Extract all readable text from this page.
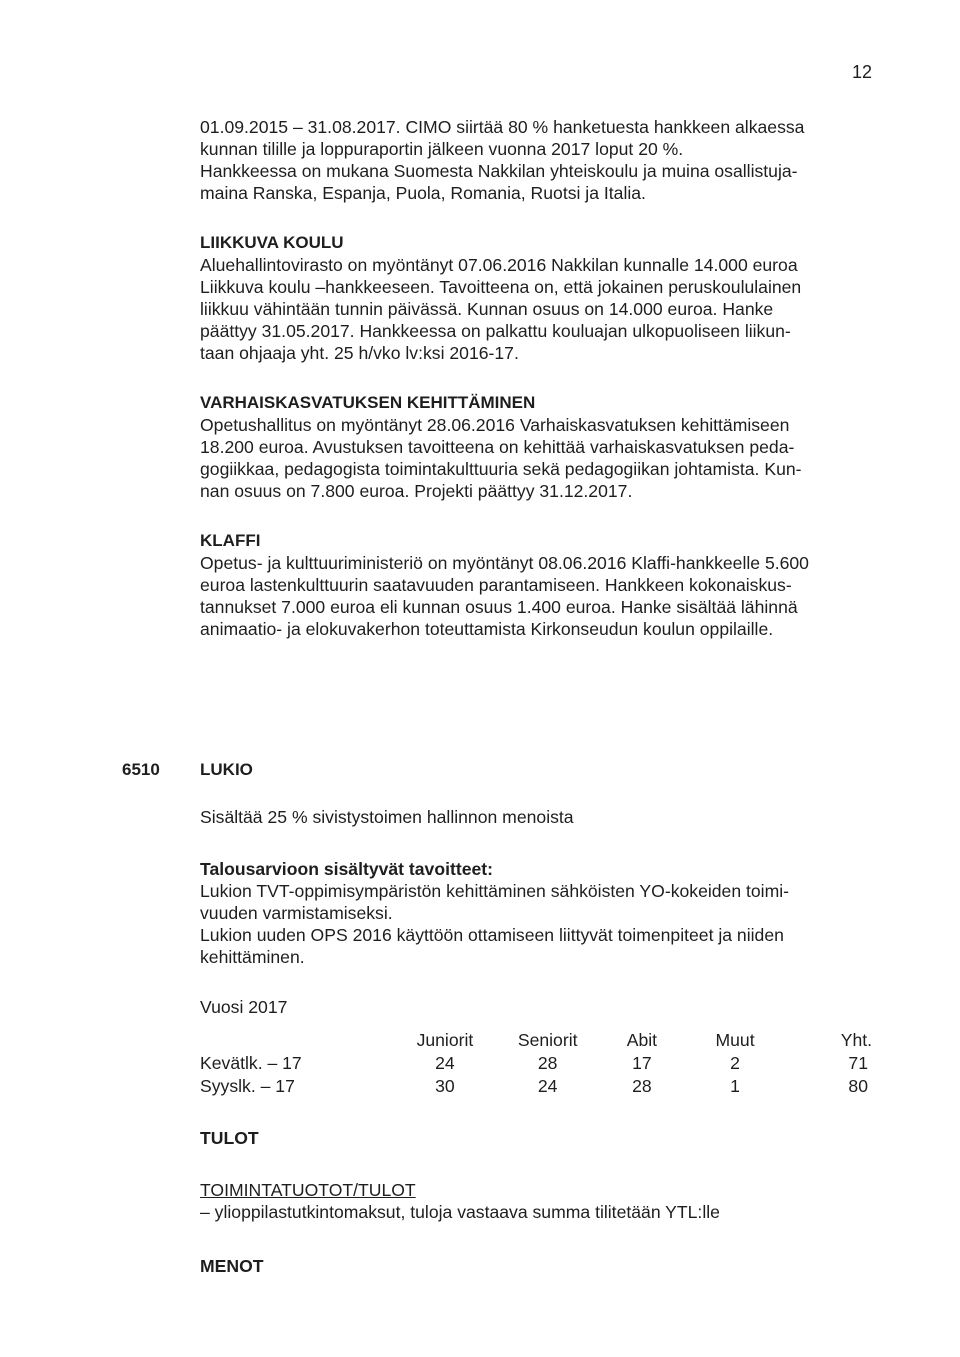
12

01.09.2015 – 31.08.2017. CIMO siirtää 80 % hanketuesta hankkeen alkaessa

kunnan tilille ja loppuraportin jälkeen vuonna 2017 loput 20 %.

Hankkeessa on mukana Suomesta Nakkilan yhteiskoulu ja muina osallistuja-

maina Ranska, Espanja, Puola, Romania, Ruotsi ja Italia.

LIIKKUVA KOULU

Aluehallintovirasto on myöntänyt 07.06.2016 Nakkilan kunnalle 14.000 euroa

Liikkuva koulu –hankkeeseen. Tavoitteena on, että jokainen peruskoululainen

liikkuu vähintään tunnin päivässä. Kunnan osuus on 14.000 euroa. Hanke

päättyy 31.05.2017. Hankkeessa on palkattu kouluajan ulkopuoliseen liikun-

taan ohjaaja yht. 25 h/vko lv:ksi 2016-17.

VARHAISKASVATUKSEN KEHITTÄMINEN

Opetushallitus on myöntänyt 28.06.2016 Varhaiskasvatuksen kehittämiseen

18.200 euroa. Avustuksen tavoitteena on kehittää varhaiskasvatuksen peda-

gogiikkaa, pedagogista toimintakulttuuria sekä pedagogiikan johtamista. Kun-

nan osuus on 7.800 euroa. Projekti päättyy 31.12.2017.

KLAFFI

Opetus- ja kulttuuriministeriö on myöntänyt 08.06.2016 Klaffi-hankkeelle 5.600

euroa lastenkulttuurin saatavuuden parantamiseen. Hankkeen kokonaiskus-

tannukset 7.000 euroa eli kunnan osuus 1.400 euroa. Hanke sisältää lähinnä

animaatio- ja elokuvakerhon toteuttamista Kirkonseudun koulun oppilaille.

6510 LUKIO

Sisältää 25 % sivistystoimen hallinnon menoista

Talousarvioon sisältyvät tavoitteet:

Lukion TVT-oppimisympäristön kehittäminen sähköisten YO-kokeiden toimi-

vuuden varmistamiseksi.

Lukion uuden OPS 2016 käyttöön ottamiseen liittyvät toimenpiteet ja niiden

kehittäminen.

Vuosi 2017

	Juniorit	Seniorit	Abit	Muut	Yht.
Kevätlk. – 17	24	28	17	2	71
Syyslk. – 17	30	24	28	1	80

TULOT

TOIMINTATUOTOT/TULOT

– ylioppilastutkintomaksut, tuloja vastaava summa tilitetään YTL:lle

MENOT
